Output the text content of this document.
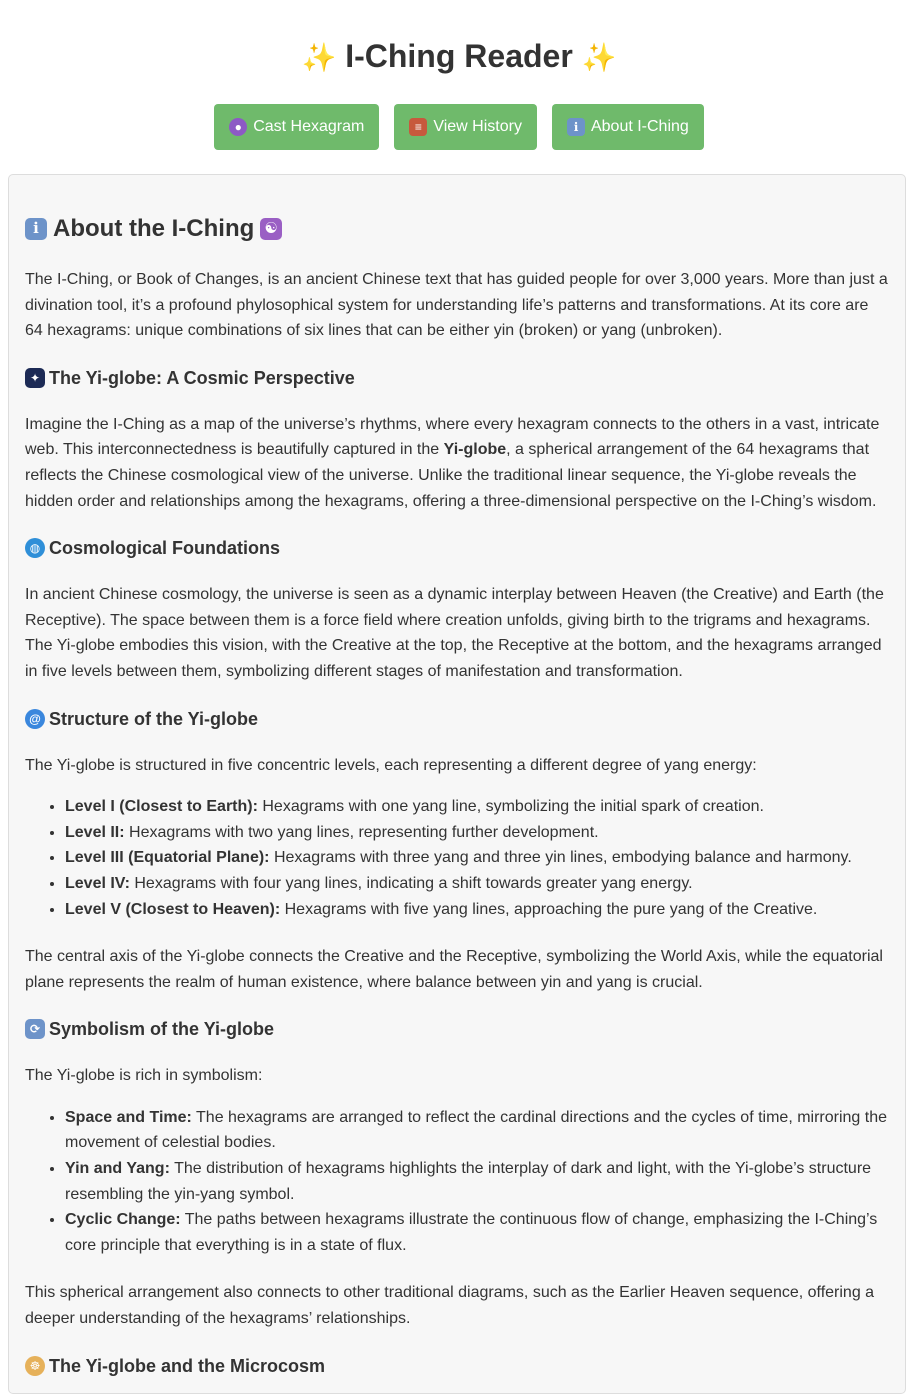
✨ I-Ching Reader ✨
● Cast Hexagram	≡ View History	ℹ About I-Ching
ℹ About the I-Ching ☯

The I-Ching, or Book of Changes, is an ancient Chinese text that has guided people for over 3,000 years. More than just a divination tool, it’s a profound phylosophical system for understanding life’s patterns and transformations. At its core are 64 hexagrams: unique combinations of six lines that can be either yin (broken) or yang (unbroken).

✦ The Yi-globe: A Cosmic Perspective

Imagine the I-Ching as a map of the universe’s rhythms, where every hexagram connects to the others in a vast, intricate web. This interconnectedness is beautifully captured in the Yi-globe, a spherical arrangement of the 64 hexagrams that reflects the Chinese cosmological view of the universe. Unlike the traditional linear sequence, the Yi-globe reveals the hidden order and relationships among the hexagrams, offering a three-dimensional perspective on the I-Ching’s wisdom.

◍ Cosmological Foundations

In ancient Chinese cosmology, the universe is seen as a dynamic interplay between Heaven (the Creative) and Earth (the Receptive). The space between them is a force field where creation unfolds, giving birth to the trigrams and hexagrams. The Yi-globe embodies this vision, with the Creative at the top, the Receptive at the bottom, and the hexagrams arranged in five levels between them, symbolizing different stages of manifestation and transformation.

@ Structure of the Yi-globe

The Yi-globe is structured in five concentric levels, each representing a different degree of yang energy:

• Level I (Closest to Earth): Hexagrams with one yang line, symbolizing the initial spark of creation.
• Level II: Hexagrams with two yang lines, representing further development.
• Level III (Equatorial Plane): Hexagrams with three yang and three yin lines, embodying balance and harmony.
• Level IV: Hexagrams with four yang lines, indicating a shift towards greater yang energy.
• Level V (Closest to Heaven): Hexagrams with five yang lines, approaching the pure yang of the Creative.

The central axis of the Yi-globe connects the Creative and the Receptive, symbolizing the World Axis, while the equatorial plane represents the realm of human existence, where balance between yin and yang is crucial.

⟳ Symbolism of the Yi-globe

The Yi-globe is rich in symbolism:

• Space and Time: The hexagrams are arranged to reflect the cardinal directions and the cycles of time, mirroring the movement of celestial bodies.
• Yin and Yang: The distribution of hexagrams highlights the interplay of dark and light, with the Yi-globe’s structure resembling the yin-yang symbol.
• Cyclic Change: The paths between hexagrams illustrate the continuous flow of change, emphasizing the I-Ching’s core principle that everything is in a state of flux.

This spherical arrangement also connects to other traditional diagrams, such as the Earlier Heaven sequence, offering a deeper understanding of the hexagrams’ relationships.

☸ The Yi-globe and the Microcosm
